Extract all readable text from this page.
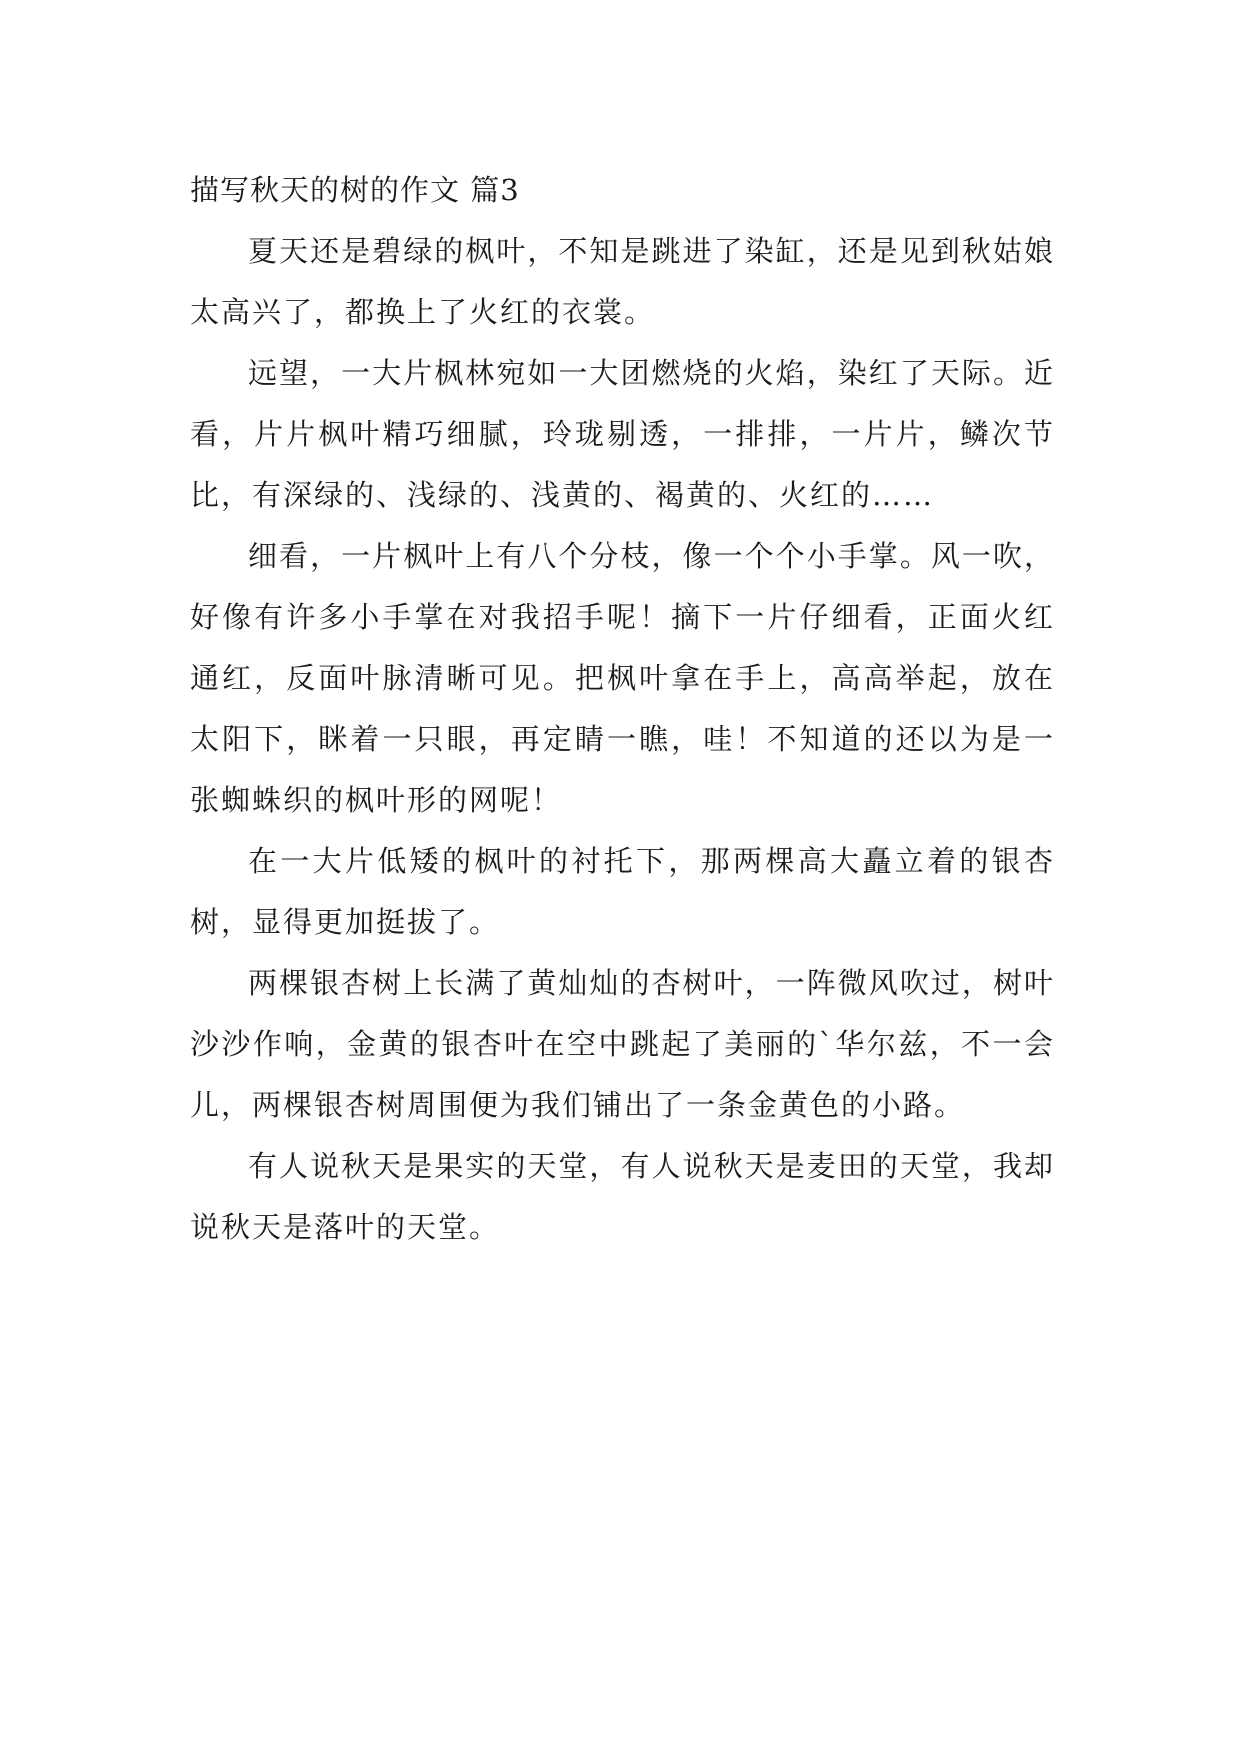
描写秋天的树的作文 篇3

夏天还是碧绿的枫叶，不知是跳进了染缸，还是见到秋姑娘太高兴了，都换上了火红的衣裳。

远望，一大片枫林宛如一大团燃烧的火焰，染红了天际。近看，片片枫叶精巧细腻，玲珑剔透，一排排，一片片，鳞次节比，有深绿的、浅绿的、浅黄的、褐黄的、火红的……

细看，一片枫叶上有八个分枝，像一个个小手掌。风一吹，好像有许多小手掌在对我招手呢！摘下一片仔细看，正面火红通红，反面叶脉清晰可见。把枫叶拿在手上，高高举起，放在太阳下，眯着一只眼，再定睛一瞧，哇！不知道的还以为是一张蜘蛛织的枫叶形的网呢！

在一大片低矮的枫叶的衬托下，那两棵高大矗立着的银杏树，显得更加挺拔了。

两棵银杏树上长满了黄灿灿的杏树叶，一阵微风吹过，树叶沙沙作响，金黄的银杏叶在空中跳起了美丽的`华尔兹，不一会儿，两棵银杏树周围便为我们铺出了一条金黄色的小路。

有人说秋天是果实的天堂，有人说秋天是麦田的天堂，我却说秋天是落叶的天堂。
